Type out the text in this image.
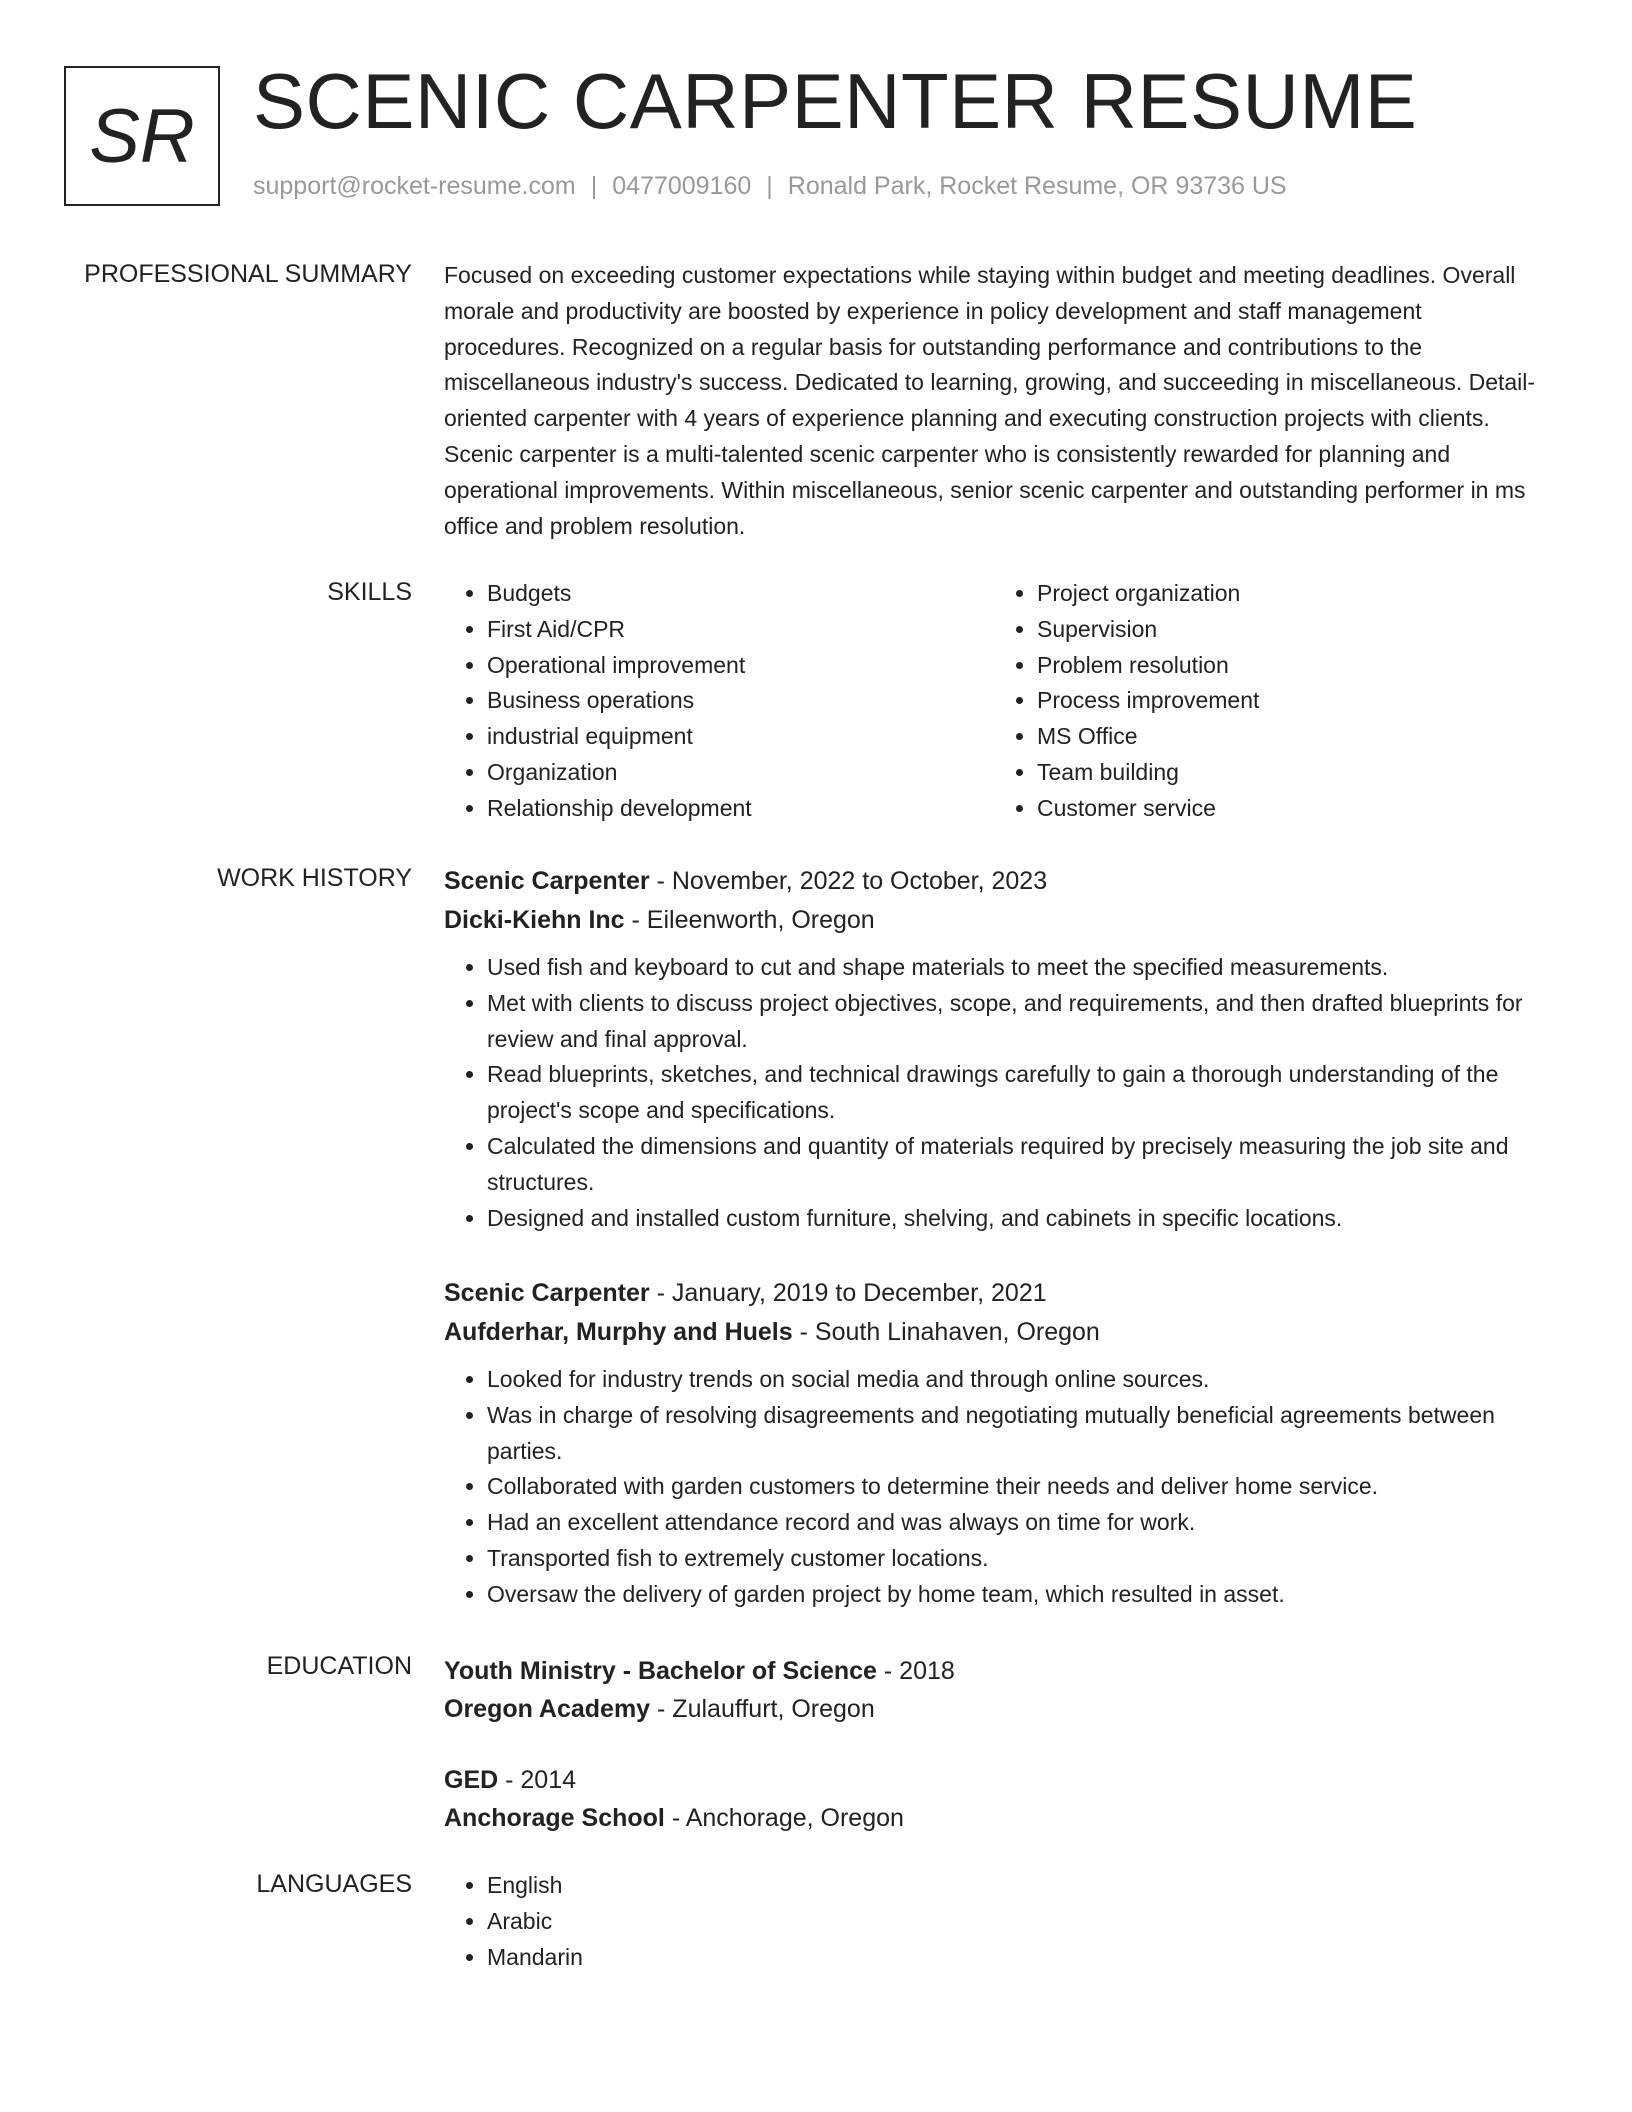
SR SCENIC CARPENTER RESUME
support@rocket-resume.com | 0477009160 | Ronald Park, Rocket Resume, OR 93736 US
PROFESSIONAL SUMMARY Focused on exceeding customer expectations while staying within budget and meeting deadlines. Overall morale and productivity are boosted by experience in policy development and staff management procedures. Recognized on a regular basis for outstanding performance and contributions to the miscellaneous industry's success. Dedicated to learning, growing, and succeeding in miscellaneous. Detail-oriented carpenter with 4 years of experience planning and executing construction projects with clients. Scenic carpenter is a multi-talented scenic carpenter who is consistently rewarded for planning and operational improvements. Within miscellaneous, senior scenic carpenter and outstanding performer in ms office and problem resolution.
SKILLS	• Budgets
• First Aid/CPR
• Operational improvement
• Business operations
• industrial equipment
• Organization
• Relationship development
• Project organization
• Supervision
• Problem resolution
• Process improvement
• MS Office
• Team building
• Customer service
WORK HISTORY Scenic Carpenter - November, 2022 to October, 2023
Dicki-Kiehn Inc - Eileenworth, Oregon
• Used fish and keyboard to cut and shape materials to meet the specified measurements.
• Met with clients to discuss project objectives, scope, and requirements, and then drafted blueprints for review and final approval.
• Read blueprints, sketches, and technical drawings carefully to gain a thorough understanding of the project's scope and specifications.
• Calculated the dimensions and quantity of materials required by precisely measuring the job site and structures.
• Designed and installed custom furniture, shelving, and cabinets in specific locations.
Scenic Carpenter - January, 2019 to December, 2021
Aufderhar, Murphy and Huels - South Linahaven, Oregon
• Looked for industry trends on social media and through online sources.
• Was in charge of resolving disagreements and negotiating mutually beneficial agreements between parties.
• Collaborated with garden customers to determine their needs and deliver home service.
• Had an excellent attendance record and was always on time for work.
• Transported fish to extremely customer locations.
• Oversaw the delivery of garden project by home team, which resulted in asset.
EDUCATION Youth Ministry - Bachelor of Science - 2018
Oregon Academy - Zulauffurt, Oregon
GED - 2014
Anchorage School - Anchorage, Oregon
LANGUAGES	• English
• Arabic
• Mandarin
